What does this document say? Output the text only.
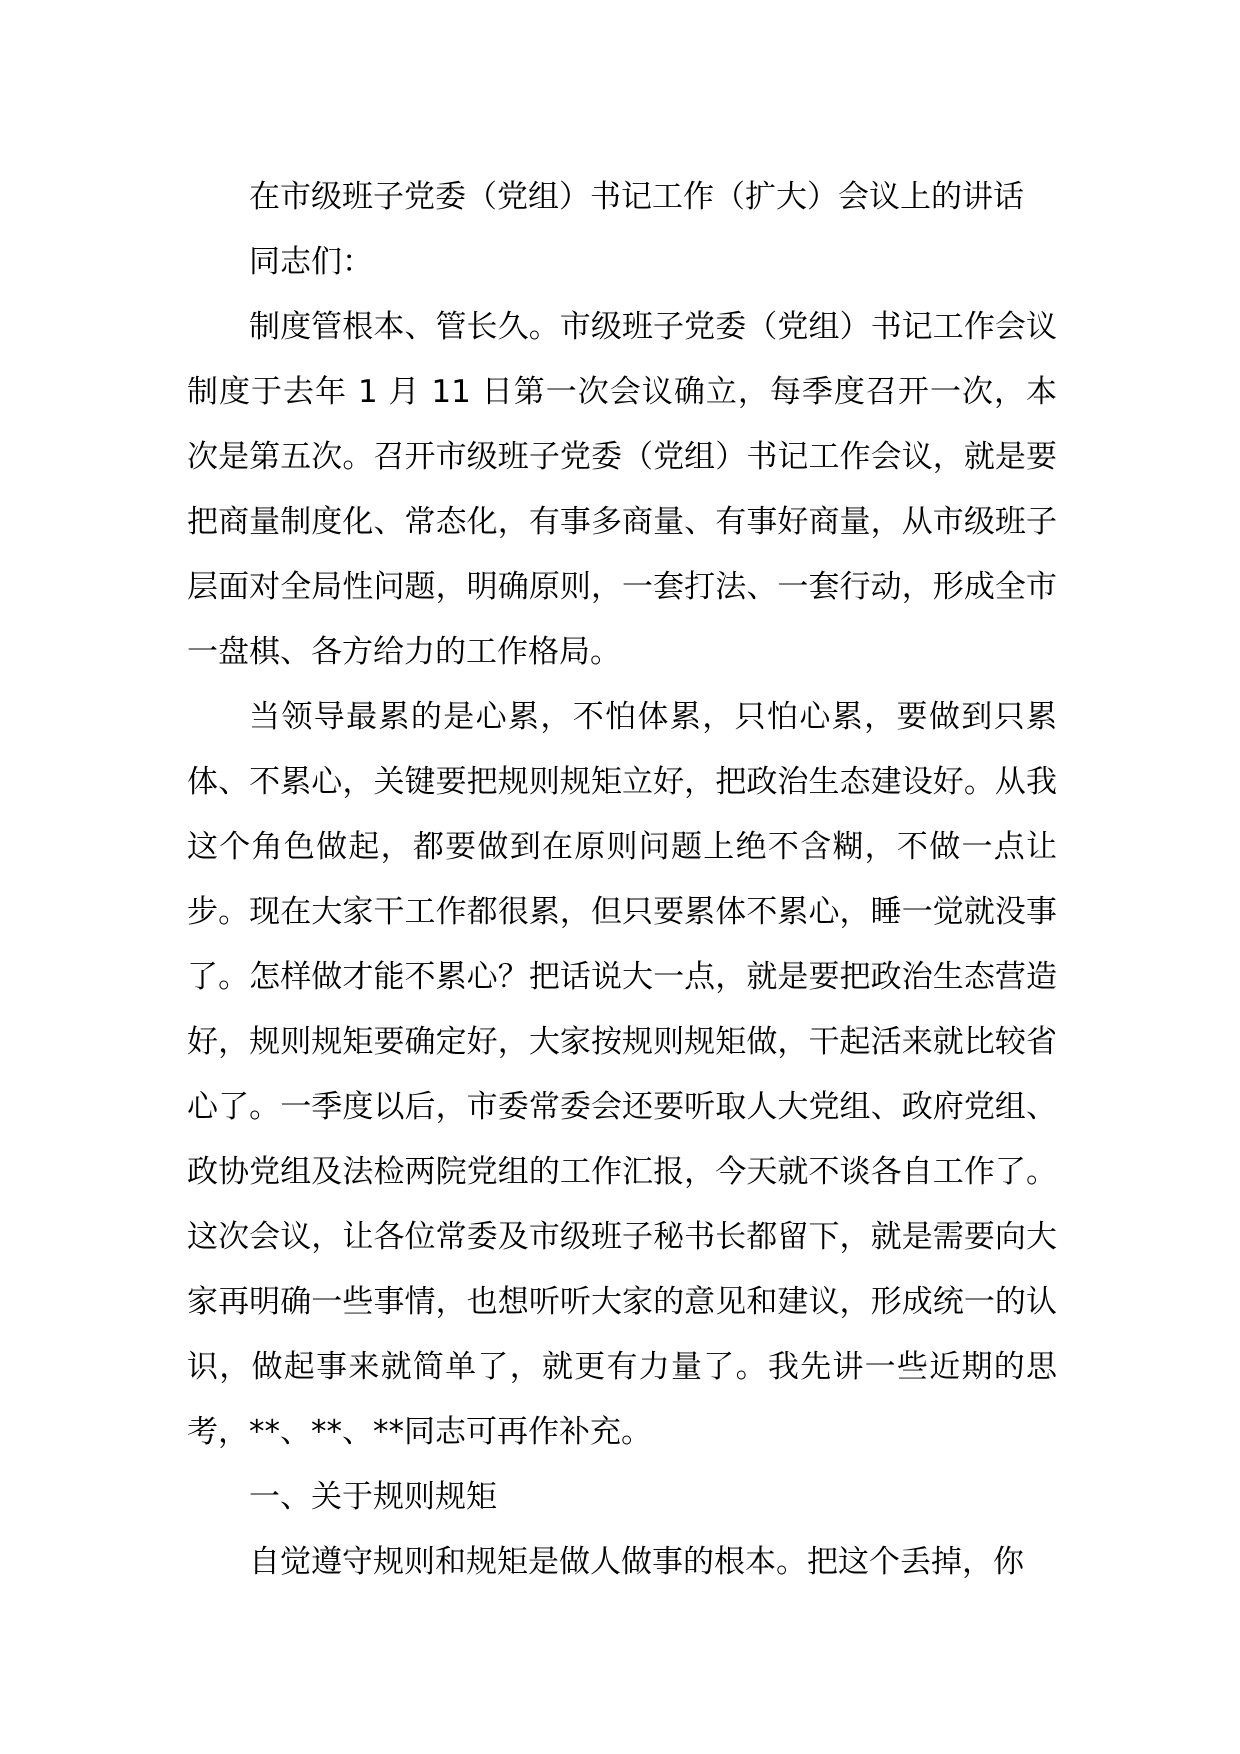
在市级班子党委（党组）书记工作（扩大）会议上的讲话

同志们：

制度管根本、管长久。市级班子党委（党组）书记工作会议制度于去年 1 月 11 日第一次会议确立，每季度召开一次，本次是第五次。召开市级班子党委（党组）书记工作会议，就是要把商量制度化、常态化，有事多商量、有事好商量，从市级班子层面对全局性问题，明确原则，一套打法、一套行动，形成全市一盘棋、各方给力的工作格局。

当领导最累的是心累，不怕体累，只怕心累，要做到只累体、不累心，关键要把规则规矩立好，把政治生态建设好。从我这个角色做起，都要做到在原则问题上绝不含糊，不做一点让步。现在大家干工作都很累，但只要累体不累心，睡一觉就没事了。怎样做才能不累心？把话说大一点，就是要把政治生态营造好，规则规矩要确定好，大家按规则规矩做，干起活来就比较省心了。一季度以后，市委常委会还要听取人大党组、政府党组、政协党组及法检两院党组的工作汇报，今天就不谈各自工作了。这次会议，让各位常委及市级班子秘书长都留下，就是需要向大家再明确一些事情，也想听听大家的意见和建议，形成统一的认识，做起事来就简单了，就更有力量了。我先讲一些近期的思考，**、**、**同志可再作补充。

一、关于规则规矩

自觉遵守规则和规矩是做人做事的根本。把这个丢掉，你
